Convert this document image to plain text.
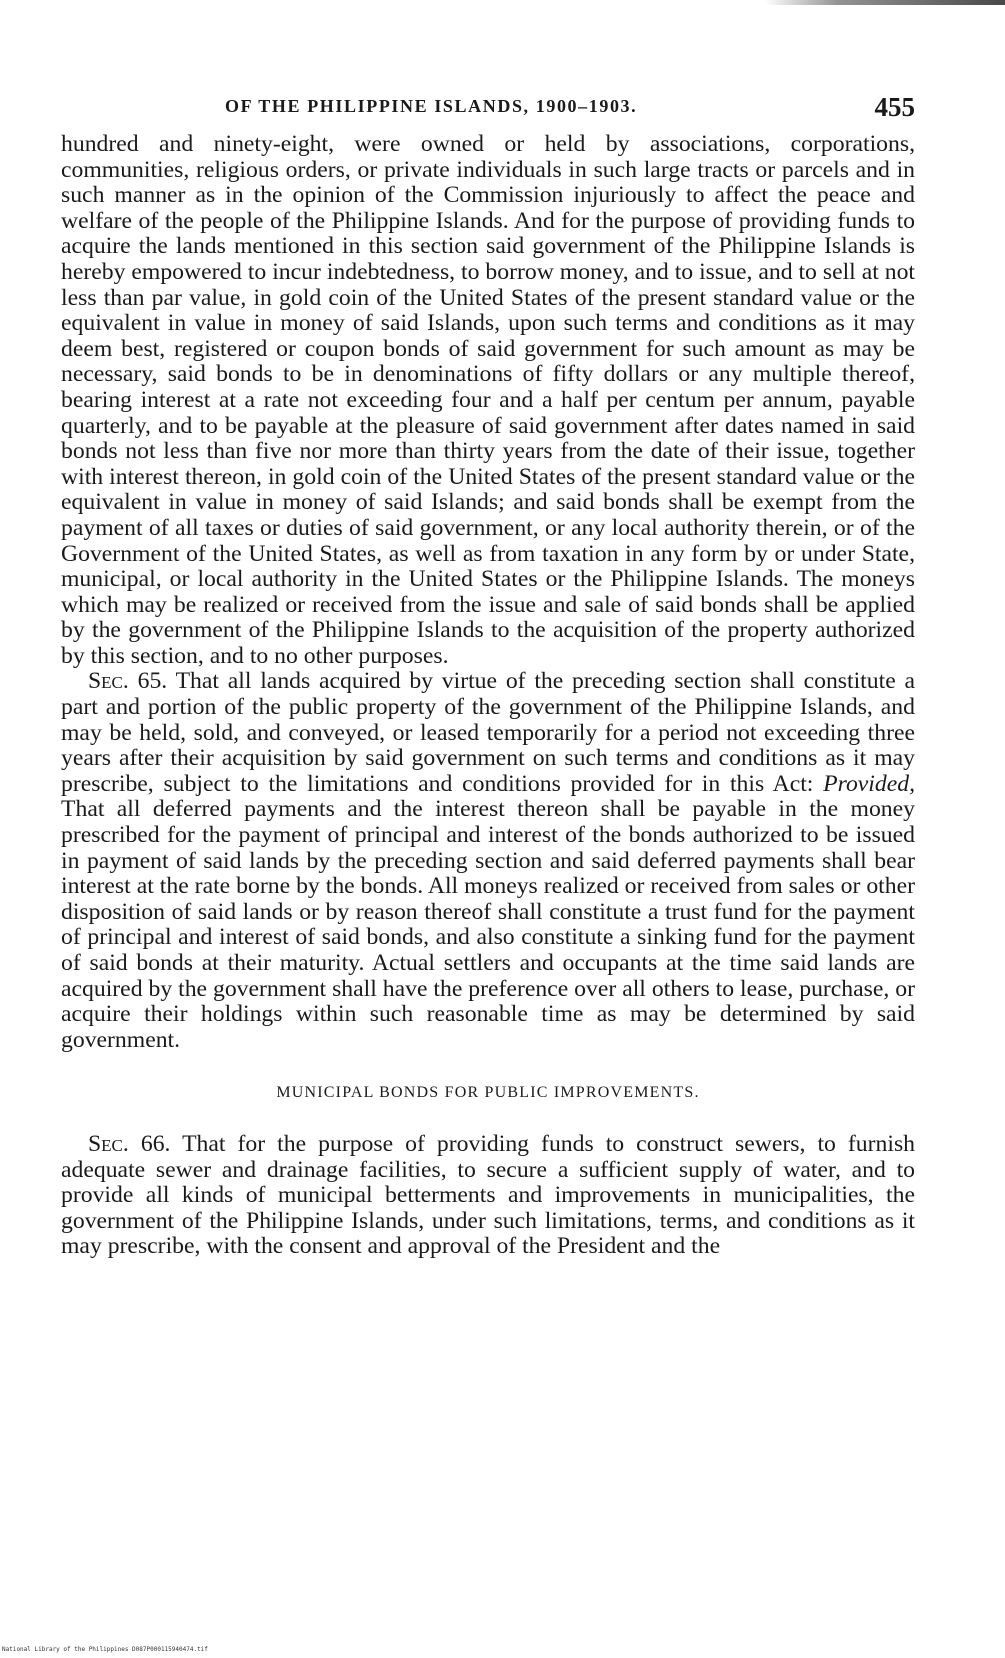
OF THE PHILIPPINE ISLANDS, 1900–1903.	455

hundred and ninety-eight, were owned or held by associations, corporations, communities, religious orders, or private individuals in such large tracts or parcels and in such manner as in the opinion of the Commission injuriously to affect the peace and welfare of the people of the Philippine Islands. And for the purpose of providing funds to acquire the lands mentioned in this section said government of the Philippine Islands is hereby empowered to incur indebtedness, to borrow money, and to issue, and to sell at not less than par value, in gold coin of the United States of the present standard value or the equivalent in value in money of said Islands, upon such terms and conditions as it may deem best, registered or coupon bonds of said government for such amount as may be necessary, said bonds to be in denominations of fifty dollars or any multiple thereof, bearing interest at a rate not exceeding four and a half per centum per annum, payable quarterly, and to be payable at the pleasure of said government after dates named in said bonds not less than five nor more than thirty years from the date of their issue, together with interest thereon, in gold coin of the United States of the present standard value or the equivalent in value in money of said Islands; and said bonds shall be exempt from the payment of all taxes or duties of said government, or any local authority therein, or of the Government of the United States, as well as from taxation in any form by or under State, municipal, or local authority in the United States or the Philippine Islands. The moneys which may be realized or received from the issue and sale of said bonds shall be applied by the government of the Philippine Islands to the acquisition of the property authorized by this section, and to no other purposes.

Sec. 65. That all lands acquired by virtue of the preceding section shall constitute a part and portion of the public property of the government of the Philippine Islands, and may be held, sold, and conveyed, or leased temporarily for a period not exceeding three years after their acquisition by said government on such terms and conditions as it may prescribe, subject to the limitations and conditions provided for in this Act: Provided, That all deferred payments and the interest thereon shall be payable in the money prescribed for the payment of principal and interest of the bonds authorized to be issued in payment of said lands by the preceding section and said deferred payments shall bear interest at the rate borne by the bonds. All moneys realized or received from sales or other disposition of said lands or by reason thereof shall constitute a trust fund for the payment of principal and interest of said bonds, and also constitute a sinking fund for the payment of said bonds at their maturity. Actual settlers and occupants at the time said lands are acquired by the government shall have the preference over all others to lease, purchase, or acquire their holdings within such reasonable time as may be determined by said government.

MUNICIPAL BONDS FOR PUBLIC IMPROVEMENTS.

Sec. 66. That for the purpose of providing funds to construct sewers, to furnish adequate sewer and drainage facilities, to secure a sufficient supply of water, and to provide all kinds of municipal betterments and improvements in municipalities, the government of the Philippine Islands, under such limitations, terms, and conditions as it may prescribe, with the consent and approval of the President and the

National Library of the Philippines D087P000115940474.tif
